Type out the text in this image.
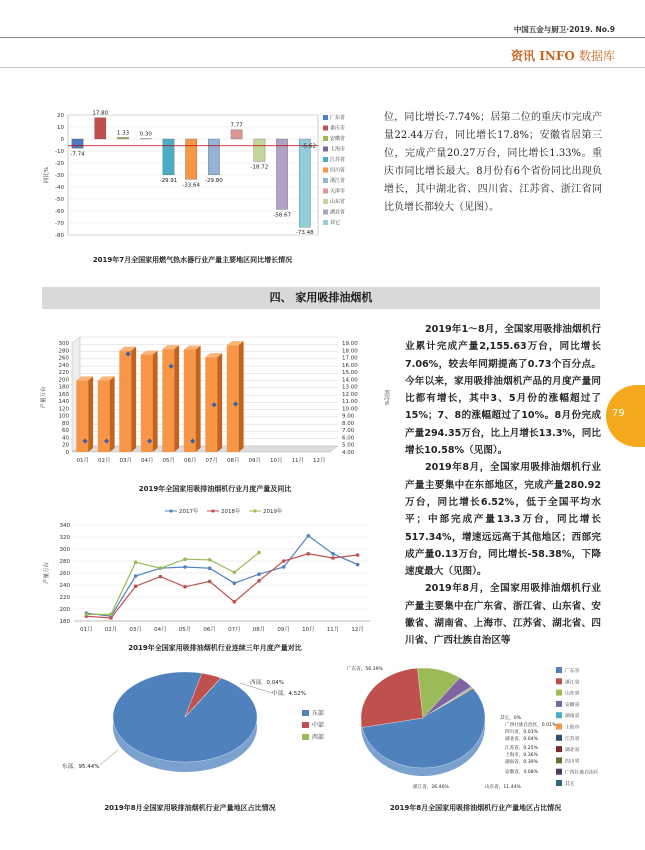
中国五金与厨卫·2019. No.9
资讯 INFO 数据库
20
10
0
-10
-20
-30
-40
-50
-60
-70
-80
同比%
-7.74
17.80
1.33 0.30
-29.91
-33.64
-29.80
7.77
-18.72
-58.67
-73.48
-5.62
广东省
重庆市
安徽省
上海市
江苏省
四川省
浙江省
天津市
山东省
湖北省
其它
2019年7月全国家用燃气热水器行业产量主要地区同比增长情况
位，同比增长-7.74%；居第二位的重庆市完成产量22.44万台，同比增长17.8%；安徽省居第三位，完成产量20.27万台，同比增长1.33%。重庆市同比增长最大。8月份有6个省份同比出现负增长，其中湖北省、四川省、江苏省、浙江省同比负增长都较大（见图）。
四、 家用吸排油烟机
79
0
20
40
60
80
100
120
140
160
180
200
220
240
260
280
300
4.00
5.00
6.00
7.00
8.00
9.00
10.00
11.00
12.00
13.00
14.00
15.00
16.00
17.00
18.00
19.00
产量万台	同比%
01月 02月 03月 04月 05月 06月 07月 08月 09月 10月 11月 12月
2019年全国家用吸排油烟机行业月度产量及同比
180
200
220
240
260
280
300
320
340
产量万台
01月 02月 03月 04月 05月 06月 07月 08月 09月 10月 11月 12月
2017年	2018年	2019年
2019年全国家用吸排油烟机行业连续三年月度产量对比

2019年1～8月，全国家用吸排油烟机行业累计完成产量2,155.63万台，同比增长7.06%，较去年同期提高了0.73个百分点。今年以来，家用吸排油烟机产品的月度产量同比都有增长，其中3、5月份的涨幅超过了15%；7、8的涨幅超过了10%。8月份完成产量294.35万台，比上月增长13.3%，同比增长10.58%（见图）。

2019年8月，全国家用吸排油烟机行业产量主要集中在东部地区，完成产量280.92万台，同比增长6.52%，低于全国平均水平；中部完成产量13.3万台，同比增长517.34%，增速远远高于其他地区；西部完成产量0.13万台，同比增长-58.38%，下降速度最大（见图）。

2019年8月，全国家用吸排油烟机行业产量主要集中在广东省、浙江省、山东省、安徽省、湖南省、上海市、江苏省、湖北省、四川省、广西壮族自治区等

东部，95.44%
中部，4.52%
西部，0.04%
东部
中部
西部
2019年8月全国家用吸排油烟机行业产量地区占比情况
广东省，56.39%
浙江省，26.46%	山东省，11.44%
安徽省，4.08%
湖南省，0.39%
上海市，0.36%
江苏省，0.25%
湖北省，0.04%
四川省，0.03%
广西壮族自治区，0.01%
其它，0%
广东省
浙江省
山东省
安徽省
湖南省
上海市
江苏省
湖北省
四川省
广西壮族自治区
其它
2019年8月全国家用吸排油烟机行业产量地区占比情况
